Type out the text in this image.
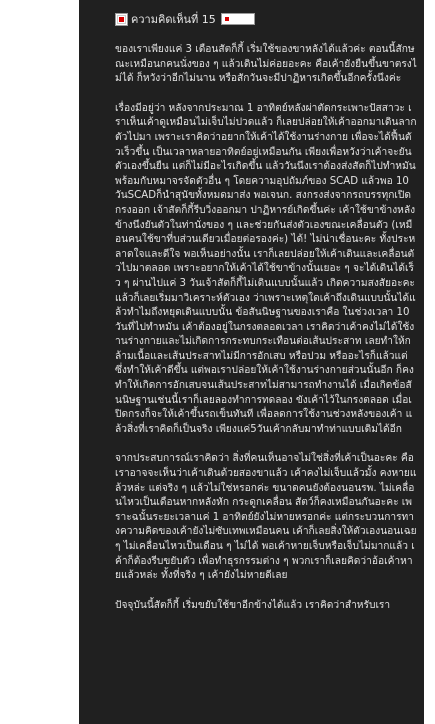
ความคิดเห็นที่ 15

ของเราเพียงแค่ 3 เดือนสัตก็กี้ เริ่มใช้ของขาหลังได้แล้วค่ะ ตอนนี้สักษณะเหมือนกคนนั่งของ ๆ แล้วเดินไม่ค่อยอะคะ คือเค้ายังยืนขึ้นขาตรงไม่ได้ ก็หวังว่าอีกไม่นาน หรือสักวันจะมีปาฏิหารเกิดขึ้นอีกครั้งนึงค่ะ

เรื่องมีอยู่ว่า หลังจากประมาณ 1 อาทิตย์หลังผ่าตัดกระเพาะปัสสาวะ เราเห็นเค้าดูเหมือนไม่เจ็บไม่ปวดแล้ว ก็เลยปล่อยให้เค้าออกมาเดินลากตัวไปมา เพราะเราคิดว่าอยากให้เค้าได้ใช้งานร่างกาย เพื่อจะได้ฟื้นตัวเร็วขึ้น เป็นเวลาหลายอาทิตย์อยู่เหมือนกัน เพียงเพื่อหวังว่าเค้าจะยันตัวเองขึ้นยืน แต่ก็ไม่มีอะไรเกิดขึ้น แล้ววันนึงเราต้องส่งสัตก็ไปทำหมัน พร้อมกับหมาจรจัดตัวอื่น ๆ โดยความอุปถัมภ์ของ SCAD แล้วพอ 10 วันSCADก็นำสุนัขทั้งหมดมาส่ง พอเจนก. สงกรงส่งจากรถบรรทุกเปิดกรงออก เจ้าสัตก็กี้รีบวิ่งออกมา ปาฏิหารย์เกิดขึ้นค่ะ เค้าใช้ขาข้างหลังข้างนึงยันตัวในท่านั่งของ ๆ และช่วยกันส่งตัวเองขณะเคลื่อนตัว (เหมือนคนใช้ขาที่บส่วนเดียวเมื่อยต่อรองค่ะ) ได้! ไม่น่าเชื่อนะคะ ทั้งประหลาดใจและดีใจ พอเห็นอย่างนั้น เราก็เลยปล่อยให้เค้าเดินและเคลื่อนตัวไปมาตลอด เพราะอยากให้เค้าได้ใช้ขาข้างนั้นเยอะ ๆ จะได้เดินได้เร็ว ๆ ผ่านไปแค่ 3 วันเจ้าสัตก็กี้ไม่เดินแบบนั้นแล้ว เกิดความสงสัยอะคะ แล้วก็เลยเริ่มมาวิเคราะห์ตัวเอง ว่าเพราะเหตุใดเค้าถึงเดินแบบนั้นได้แล้วทำไมถึงหยุดเดินแบบนั้น ข้อสันนิษฐานของเราคือ ในช่วงเวลา 10 วันที่ไปทำหมัน เค้าต้องอยู่ในกรงตลอดเวลา เราคิดว่าเค้าคงไม่ได้ใช้งานร่างกายและไม่เกิดการกระทบกระเทือนต่อเส้นประสาท เลยทำให้กล้ามเนื้อและเส้นประสาทไม่มีการอักเสบ หรือปวม หรืออะไรก็แล้วแต่ ซึ่งทำให้เค้าดีขึ้น แต่พอเราปล่อยให้เค้าใช้งานร่างกายส่วนนั้นอีก ก็คงทำให้เกิดการอักเสบจนเส้นประสาทไม่สามารถทำงานได้ เมื่อเกิดข้อสันนิษฐานเช่นนี้เราก็เลยลองทำการทดลอง ขังเค้าไว้ในกรงตลอด เมื่อเปิดกรงก็จะให้เค้าขึ้นรถเข็นทันที เพื่อลดการใช้งานช่วงหลังของเค้า แล้วสิ่งที่เราคิดก็เป็นจริง เพียงแค่5วันเค้ากลับมาทำท่าแบบเดิมได้อีก

จากประสบการณ์เราคิดว่า สิ่งที่คนเห็นอาจไม่ใช่สิ่งที่เค้าเป็นอะคะ คือเราอาจจะเห็นว่าเค้าเดินด้วยสองขาแล้ว เค้าคงไม่เจ็บแล้วมั้ง คงหายแล้วหล่ะ แต่จริง ๆ แล้วไม่ใช่หรอกค่ะ ขนาดคนยังต้องนอนรพ. ไม่เคลื่อนไหวเป็นเดือนหากหลังหัก กระดูกเคลื่อน สัตว์ก็คงเหมือนกันอะคะ เพราะฉนั้นระยะเวลาแค่ 1 อาทิตย์ยังไม่หายหรอกค่ะ แต่กระบวนการทางความคิดของเค้ายังไม่ซับเทพเหมือนคน เค้าก็เลยสิ่งให้ตัวเองนอนเฉย ๆ ไม่เคลื่อนไหวเป็นเดือน ๆ ไม่ได้ พอเค้าหายเจ็บหรือเจ็บไม่มากแล้ว เค้าก็ต้องรีบขยับตัว เพื่อทำธุรกรรมต่าง ๆ พวกเราก็เลยคิดว่าอ้อเค้าหายแล้วหล่ะ ทั้งที่จริง ๆ เค้ายังไม่หายดีเลย

ปัจจุบันนี้สัตก็กี้ เริ่มขยับใช้ขาอีกข้างได้แล้ว เราคิดว่าสำหรับเรา
